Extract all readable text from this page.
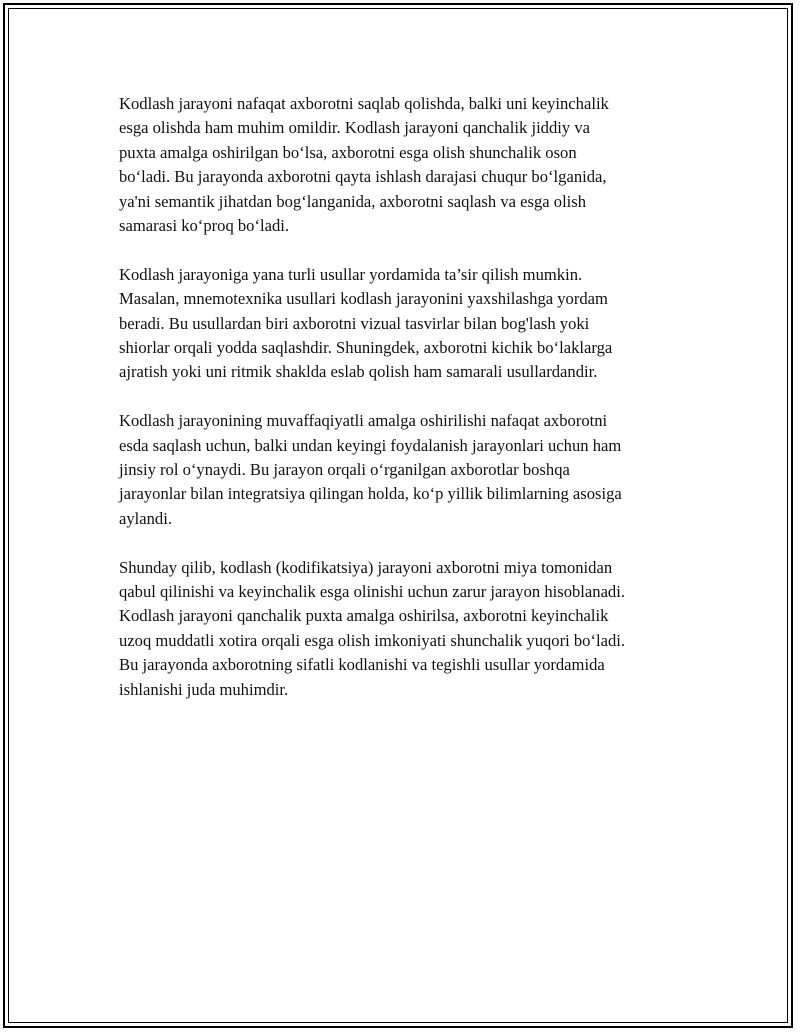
Kodlash jarayoni nafaqat axborotni saqlab qolishda, balki uni keyinchalik
esga olishda ham muhim omildir. Kodlash jarayoni qanchalik jiddiy va
puxta amalga oshirilgan bo‘lsa, axborotni esga olish shunchalik oson
bo‘ladi. Bu jarayonda axborotni qayta ishlash darajasi chuqur bo‘lganida,
ya'ni semantik jihatdan bog‘langanida, axborotni saqlash va esga olish
samarasi ko‘proq bo‘ladi.

Kodlash jarayoniga yana turli usullar yordamida ta’sir qilish mumkin.
Masalan, mnemotexnika usullari kodlash jarayonini yaxshilashga yordam
beradi. Bu usullardan biri axborotni vizual tasvirlar bilan bog'lash yoki
shiorlar orqali yodda saqlashdir. Shuningdek, axborotni kichik bo‘laklarga
ajratish yoki uni ritmik shaklda eslab qolish ham samarali usullardandir.

Kodlash jarayonining muvaffaqiyatli amalga oshirilishi nafaqat axborotni
esda saqlash uchun, balki undan keyingi foydalanish jarayonlari uchun ham
jinsiy rol o‘ynaydi. Bu jarayon orqali o‘rganilgan axborotlar boshqa
jarayonlar bilan integratsiya qilingan holda, ko‘p yillik bilimlarning asosiga
aylandi.

Shunday qilib, kodlash (kodifikatsiya) jarayoni axborotni miya tomonidan
qabul qilinishi va keyinchalik esga olinishi uchun zarur jarayon hisoblanadi.
Kodlash jarayoni qanchalik puxta amalga oshirilsa, axborotni keyinchalik
uzoq muddatli xotira orqali esga olish imkoniyati shunchalik yuqori bo‘ladi.
Bu jarayonda axborotning sifatli kodlanishi va tegishli usullar yordamida
ishlanishi juda muhimdir.
